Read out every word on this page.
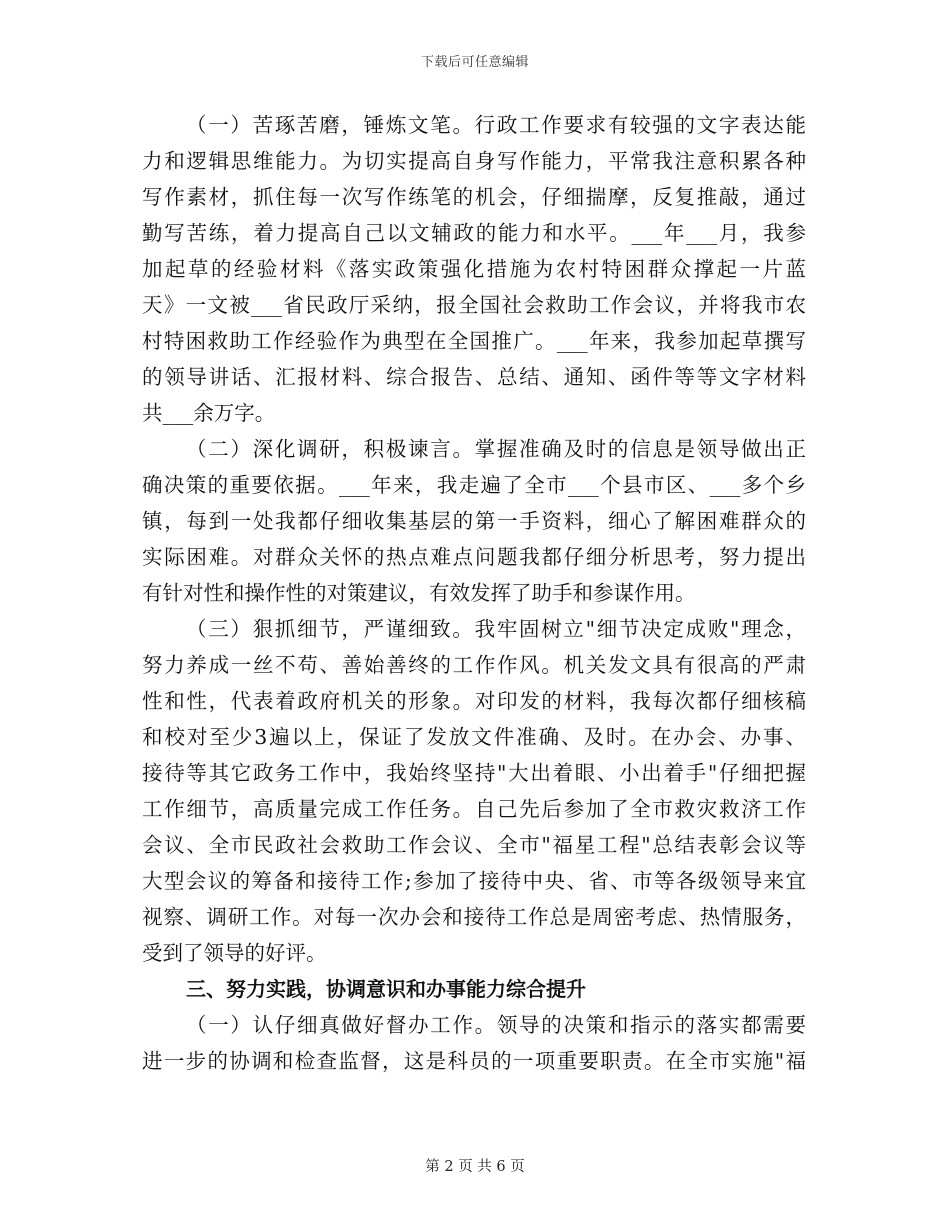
下载后可任意编辑
（一）苦琢苦磨，锤炼文笔。行政工作要求有较强的文字表达能
力和逻辑思维能力。为切实提高自身写作能力，平常我注意积累各种
写作素材，抓住每一次写作练笔的机会，仔细揣摩，反复推敲，通过
勤写苦练，着力提高自己以文辅政的能力和水平。___年___月，我参
加起草的经验材料《落实政策强化措施为农村特困群众撑起一片蓝
天》一文被___省民政厅采纳，报全国社会救助工作会议，并将我市农
村特困救助工作经验作为典型在全国推广。___年来，我参加起草撰写
的领导讲话、汇报材料、综合报告、总结、通知、函件等等文字材料
共___余万字。
（二）深化调研，积极谏言。掌握准确及时的信息是领导做出正
确决策的重要依据。___年来，我走遍了全市___个县市区、___多个乡
镇，每到一处我都仔细收集基层的第一手资料，细心了解困难群众的
实际困难。对群众关怀的热点难点问题我都仔细分析思考，努力提出
有针对性和操作性的对策建议，有效发挥了助手和参谋作用。
（三）狠抓细节，严谨细致。我牢固树立"细节决定成败"理念，
努力养成一丝不苟、善始善终的工作作风。机关发文具有很高的严肃
性和性，代表着政府机关的形象。对印发的材料，我每次都仔细核稿
和校对至少3遍以上，保证了发放文件准确、及时。在办会、办事、
接待等其它政务工作中，我始终坚持"大出着眼、小出着手"仔细把握
工作细节，高质量完成工作任务。自己先后参加了全市救灾救济工作
会议、全市民政社会救助工作会议、全市"福星工程"总结表彰会议等
大型会议的筹备和接待工作;参加了接待中央、省、市等各级领导来宜
视察、调研工作。对每一次办会和接待工作总是周密考虑、热情服务，
受到了领导的好评。
三、努力实践，协调意识和办事能力综合提升
（一）认仔细真做好督办工作。领导的决策和指示的落实都需要
进一步的协调和检查监督，这是科员的一项重要职责。在全市实施"福
第 2 页 共 6 页
